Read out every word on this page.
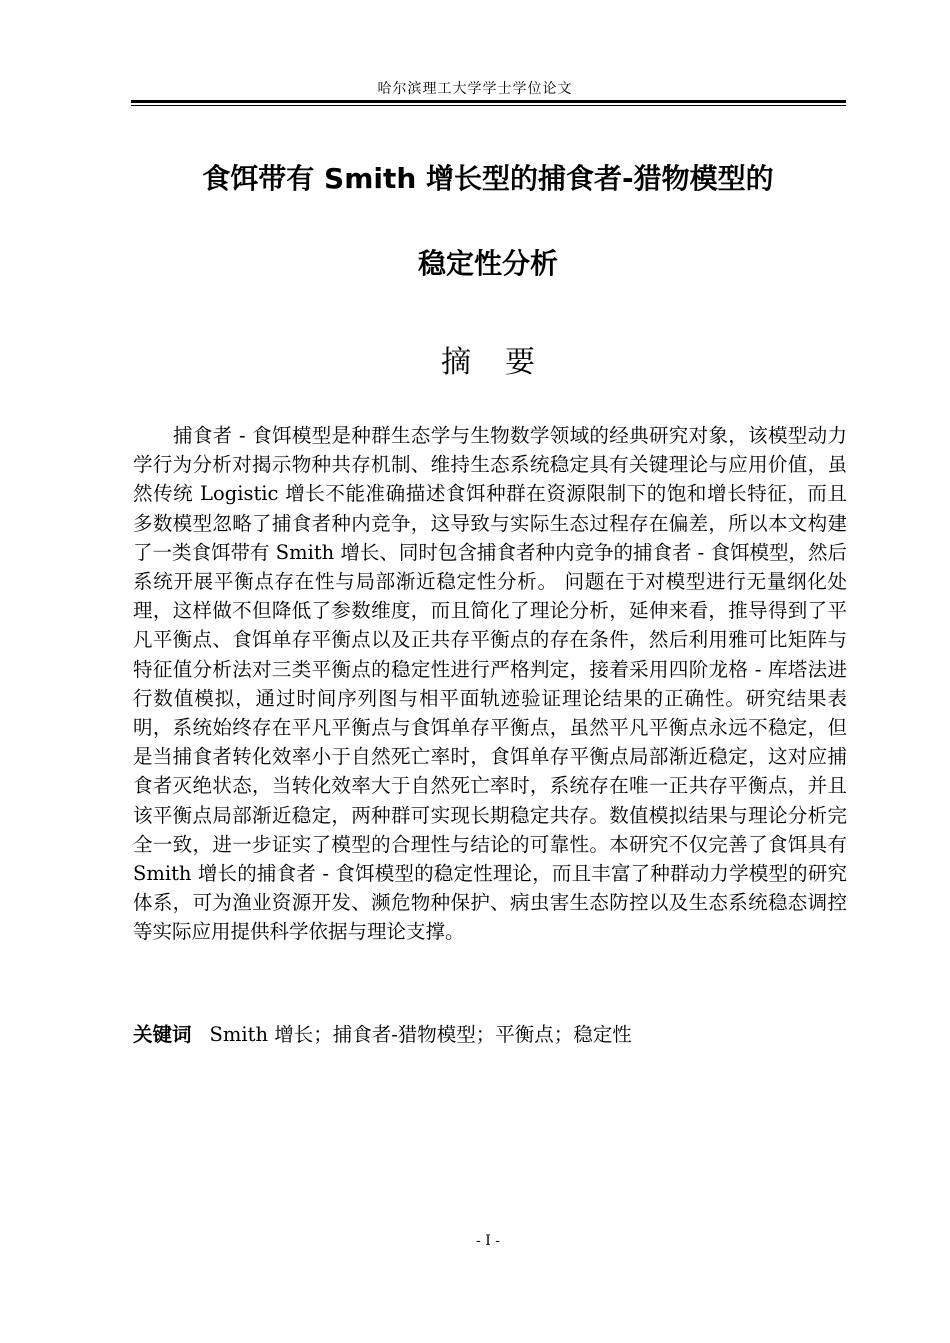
哈尔滨理工大学学士学位论文
食饵带有 Smith 增长型的捕食者-猎物模型的
稳定性分析
摘要

捕食者 - 食饵模型是种群生态学与生物数学领域的经典研究对象，该模型动力学行为分析对揭示物种共存机制、维持生态系统稳定具有关键理论与应用价值，虽然传统 Logistic 增长不能准确描述食饵种群在资源限制下的饱和增长特征，而且多数模型忽略了捕食者种内竞争，这导致与实际生态过程存在偏差，所以本文构建了一类食饵带有 Smith 增长、同时包含捕食者种内竞争的捕食者 - 食饵模型，然后系统开展平衡点存在性与局部渐近稳定性分析。 问题在于对模型进行无量纲化处理，这样做不但降低了参数维度，而且简化了理论分析，延伸来看，推导得到了平凡平衡点、食饵单存平衡点以及正共存平衡点的存在条件，然后利用雅可比矩阵与特征值分析法对三类平衡点的稳定性进行严格判定，接着采用四阶龙格 - 库塔法进行数值模拟，通过时间序列图与相平面轨迹验证理论结果的正确性。研究结果表明，系统始终存在平凡平衡点与食饵单存平衡点，虽然平凡平衡点永远不稳定，但是当捕食者转化效率小于自然死亡率时，食饵单存平衡点局部渐近稳定，这对应捕食者灭绝状态，当转化效率大于自然死亡率时，系统存在唯一正共存平衡点，并且该平衡点局部渐近稳定，两种群可实现长期稳定共存。数值模拟结果与理论分析完全一致，进一步证实了模型的合理性与结论的可靠性。本研究不仅完善了食饵具有 Smith 增长的捕食者 - 食饵模型的稳定性理论，而且丰富了种群动力学模型的研究体系，可为渔业资源开发、濒危物种保护、病虫害生态防控以及生态系统稳态调控等实际应用提供科学依据与理论支撑。

关键词 Smith 增长；捕食者-猎物模型；平衡点；稳定性
- I -
